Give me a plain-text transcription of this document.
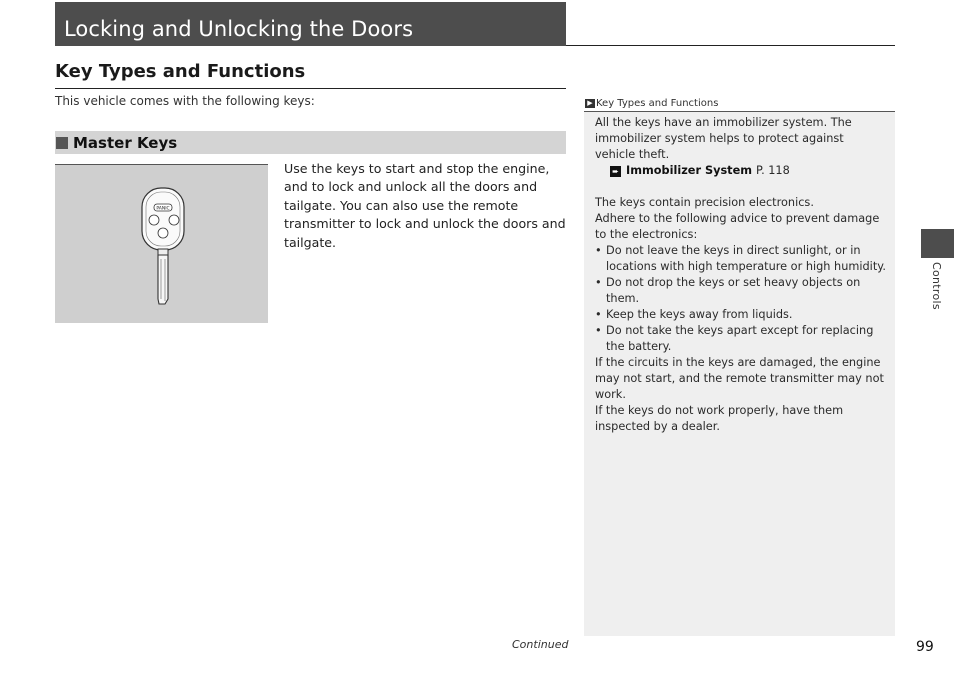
Locking and Unlocking the Doors
Key Types and Functions
This vehicle comes with the following keys:
Master Keys
PANIC
Use the keys to start and stop the engine, and to lock and unlock all the doors and tailgate. You can also use the remote transmitter to lock and unlock the doors and tailgate.
▶ Key Types and Functions

All the keys have an immobilizer system. The immobilizer system helps to protect against vehicle theft.

➨ Immobilizer System P. 118

The keys contain precision electronics.

Adhere to the following advice to prevent damage to the electronics:

• Do not leave the keys in direct sunlight, or in locations with high temperature or high humidity.
• Do not drop the keys or set heavy objects on them.
• Keep the keys away from liquids.
• Do not take the keys apart except for replacing the battery.

If the circuits in the keys are damaged, the engine may not start, and the remote transmitter may not work.

If the keys do not work properly, have them inspected by a dealer.

Controls
Continued	99
